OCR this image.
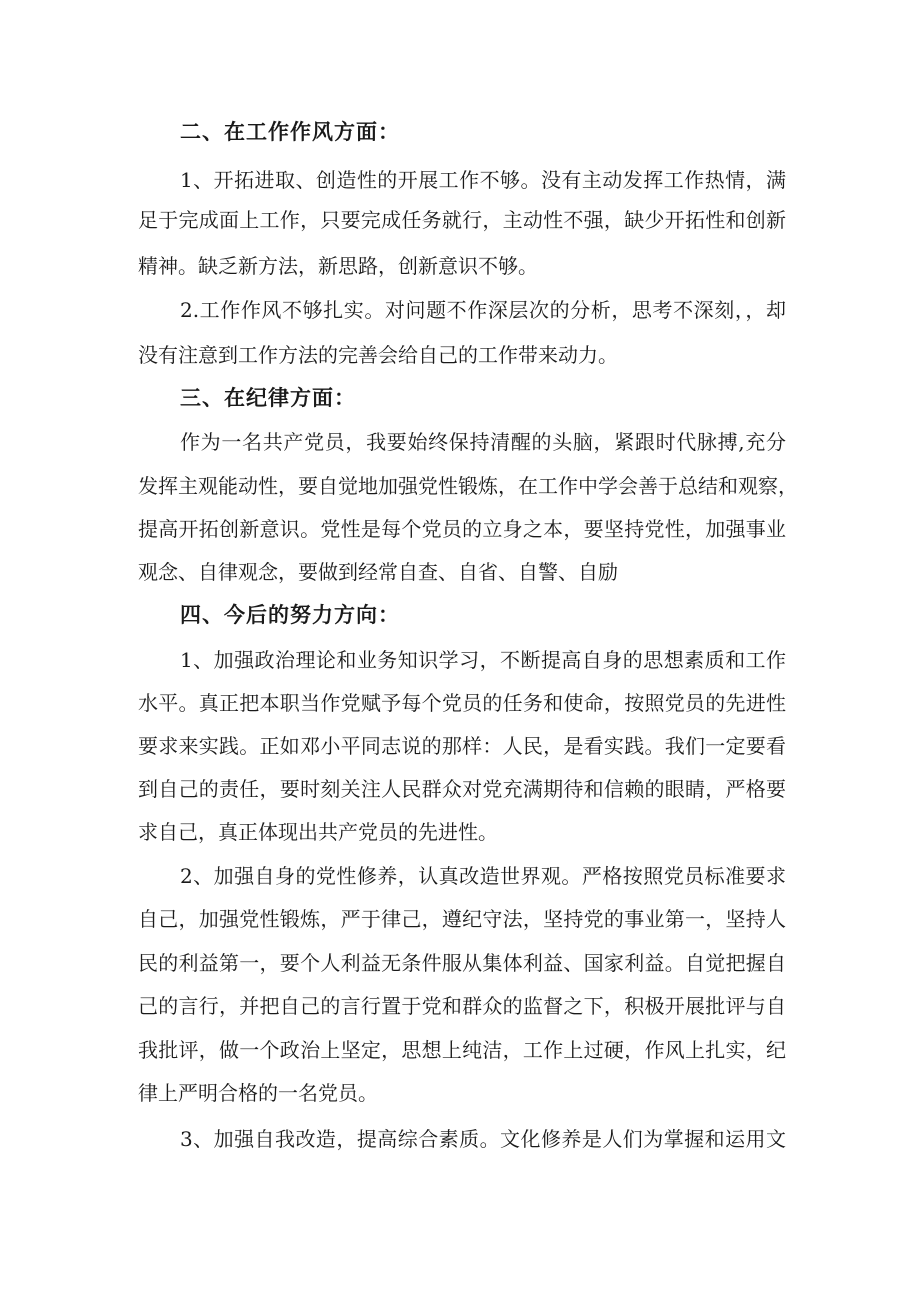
二、在工作作风方面：
1、开拓进取、创造性的开展工作不够。没有主动发挥工作热情，满
足于完成面上工作，只要完成任务就行，主动性不强，缺少开拓性和创新
精神。缺乏新方法，新思路，创新意识不够。
2.工作作风不够扎实。对问题不作深层次的分析，思考不深刻，，却
没有注意到工作方法的完善会给自己的工作带来动力。
三、在纪律方面：
作为一名共产党员，我要始终保持清醒的头脑，紧跟时代脉搏,充分
发挥主观能动性，要自觉地加强党性锻炼，在工作中学会善于总结和观察，
提高开拓创新意识。党性是每个党员的立身之本，要坚持党性，加强事业
观念、自律观念，要做到经常自查、自省、自警、自励
四、今后的努力方向：
1、加强政治理论和业务知识学习，不断提高自身的思想素质和工作
水平。真正把本职当作党赋予每个党员的任务和使命，按照党员的先进性
要求来实践。正如邓小平同志说的那样：人民，是看实践。我们一定要看
到自己的责任，要时刻关注人民群众对党充满期待和信赖的眼睛，严格要
求自己，真正体现出共产党员的先进性。
2、加强自身的党性修养，认真改造世界观。严格按照党员标准要求
自己，加强党性锻炼，严于律己，遵纪守法，坚持党的事业第一，坚持人
民的利益第一，要个人利益无条件服从集体利益、国家利益。自觉把握自
己的言行，并把自己的言行置于党和群众的监督之下，积极开展批评与自
我批评，做一个政治上坚定，思想上纯洁，工作上过硬，作风上扎实，纪
律上严明合格的一名党员。
3、加强自我改造，提高综合素质。文化修养是人们为掌握和运用文
